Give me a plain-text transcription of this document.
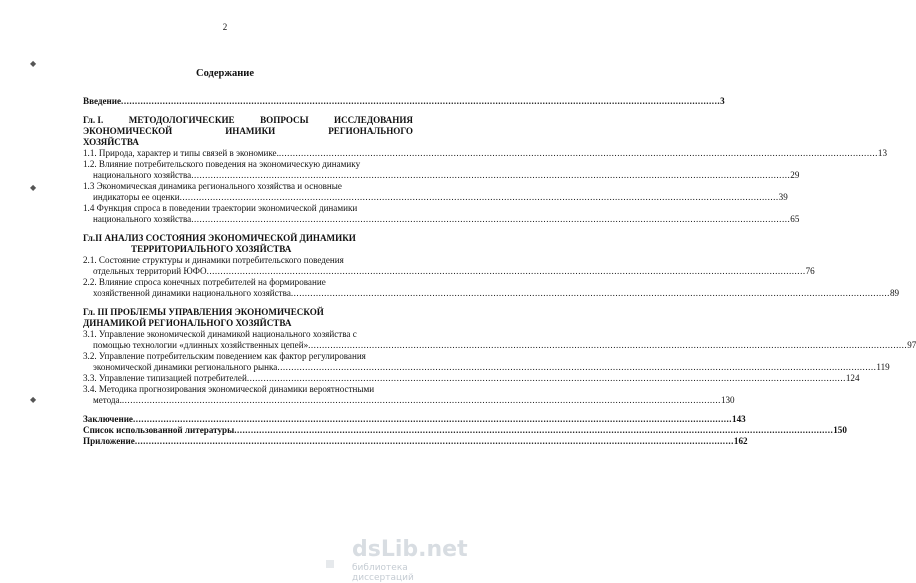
2
Содержание
◆
◆
◆
Введение .....	3
Гл. I.	МЕТОДОЛОГИЧЕСКИЕ	ВОПРОСЫ	ИССЛЕДОВАНИЯ
ЭКОНОМИЧЕСКОЙ	ИНАМИКИ	РЕГИОНАЛЬНОГО
ХОЗЯЙСТВА
1.1. Природа, характер и типы связей в экономике. .....	13
1.2. Влияние потребительского поведения на экономическую динамику
национального хозяйства .....	29
1.3 Экономическая динамика регионального хозяйства и основные
индикаторы ее оценки .....	39
1.4 Функция спроса в поведении траектории экономической динамики
национального хозяйства .....	65
Гл.II АНАЛИЗ СОСТОЯНИЯ ЭКОНОМИЧЕСКОЙ ДИНАМИКИ
ТЕРРИТОРИАЛЬНОГО ХОЗЯЙСТВА
2.1. Состояние структуры и динамики потребительского поведения
отдельных территорий ЮФО .....	76
2.2. Влияние спроса конечных потребителей на формирование
хозяйственной динамики национального хозяйства .....	89
Гл. III ПРОБЛЕМЫ УПРАВЛЕНИЯ ЭКОНОМИЧЕСКОЙ
ДИНАМИКОЙ РЕГИОНАЛЬНОГО ХОЗЯЙСТВА
3.1. Управление экономической динамикой национального хозяйства с
помощью технологии «длинных хозяйственных цепей» .....	97
3.2. Управление потребительским поведением как фактор регулирования
экономической динамики регионального рынка .....	119
3.3. Управление типизацией потребителей .....	124
3.4. Методика прогнозирования экономической динамики вероятностными
метода. .....	130
Заключение .....	143
Список использованной литературы .....	150
Приложение .....	162
dsLib.net
библиотека диссертаций
